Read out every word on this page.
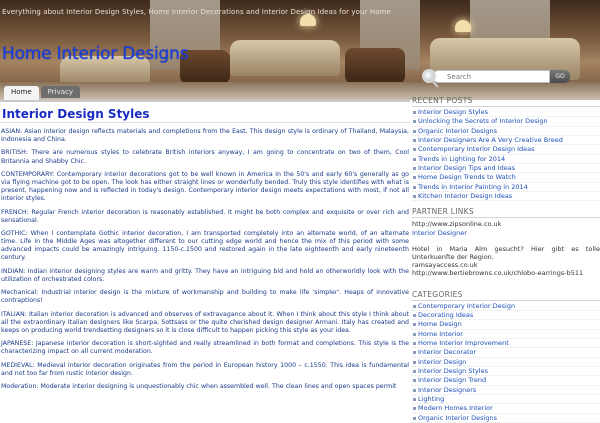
Everything about Interior Design Styles, Home Interior Decorations and Interior Design Ideas for your Home
Home Interior Designs
Home	Privacy
Search
GO
Interior Design Styles

ASIAN: Asian interior design reflects materials and completions from the East. This design style is ordinary of Thailand, Malaysia, Indonesia and China.

BRITISH: There are numerous styles to celebrate British interiors anyway, I am going to concentrate on two of them, Cool Britannia and Shabby Chic.

CONTEMPORARY: Contemporary interior decorations got to be well known in America in the 50's and early 60's generally as go via flying machine got to be open. The look has either straight lines or wonderfully bended. Truly this style identifies with what is present, happening now and is reflected in today's design. Contemporary interior design meets expectations with most, if not all interior styles.

FRENCH: Regular French interior decoration is reasonably established. It might be both complex and exquisite or over rich and sensational.

GOTHIC: When I contemplate Gothic interior decoration, I am transported completely into an alternate world, of an alternate time. Life in the Middle Ages was altogether different to our cutting edge world and hence the mix of this period with some advanced impacts could be amazingly intriguing. 1150-c.1500 and restored again in the late eighteenth and early nineteenth century.

INDIAN: Indian interior designing styles are warm and gritty. They have an intriguing bid and hold an otherworldly look with the utilization of orchestrated colors.

Mechanical: Industrial interior design is the mixture of workmanship and building to make life 'simpler'. Heaps of innovative contraptions!

ITALIAN: Italian interior decoration is advanced and observes of extravagance about it. When I think about this style I think about all the extraordinary Italian designers like Scarpa, Sottsass or the quite cherished design designer Armani. Italy has created and keeps on producing world trendsetting designers so it is close difficult to happen picking this style as your idea.

JAPANESE: Japanese interior decoration is short-sighted and really streamlined in both format and completions. This style is the characterizing impact on all current moderation.

MEDIEVAL: Medieval interior decoration originates from the period in European history 1000 – c.1550. This idea is fundamental and not too far from rustic interior design.

Moderation: Moderate interior designing is unquestionably chic when assembled well. The clean lines and open spaces permit

RECENT POSTS
Interior Design Styles
Unlocking the Secrets of Interior Design
Organic Interior Designs
Interior Designers Are A Very Creative Breed
Contemporary Interior Design Ideas
Trends in Lighting for 2014
Interior Design Tips and Ideas
Home Design Trends to Watch
Trends in Interior Painting in 2014
Kitchen Interior Design Ideas
PARTNER LINKS
http://www.zipsonline.co.uk
Interior Designer
Hotel in Maria Alm gesucht? Hier gibt es tolle Unterkuenfte der Region.
ramsayaccess.co.uk
http://www.bertiebrowns.co.uk/chlobo-earrings-b511
CATEGORIES
Contemporary Interior Design
Decorating Ideas
Home Design
Home Interior
Home Interior Improvement
Interior Decorator
Interior Design
Interior Design Styles
Interior Design Trend
Interior Designers
Lighting
Modern Homes Interior
Organic Interior Designs
